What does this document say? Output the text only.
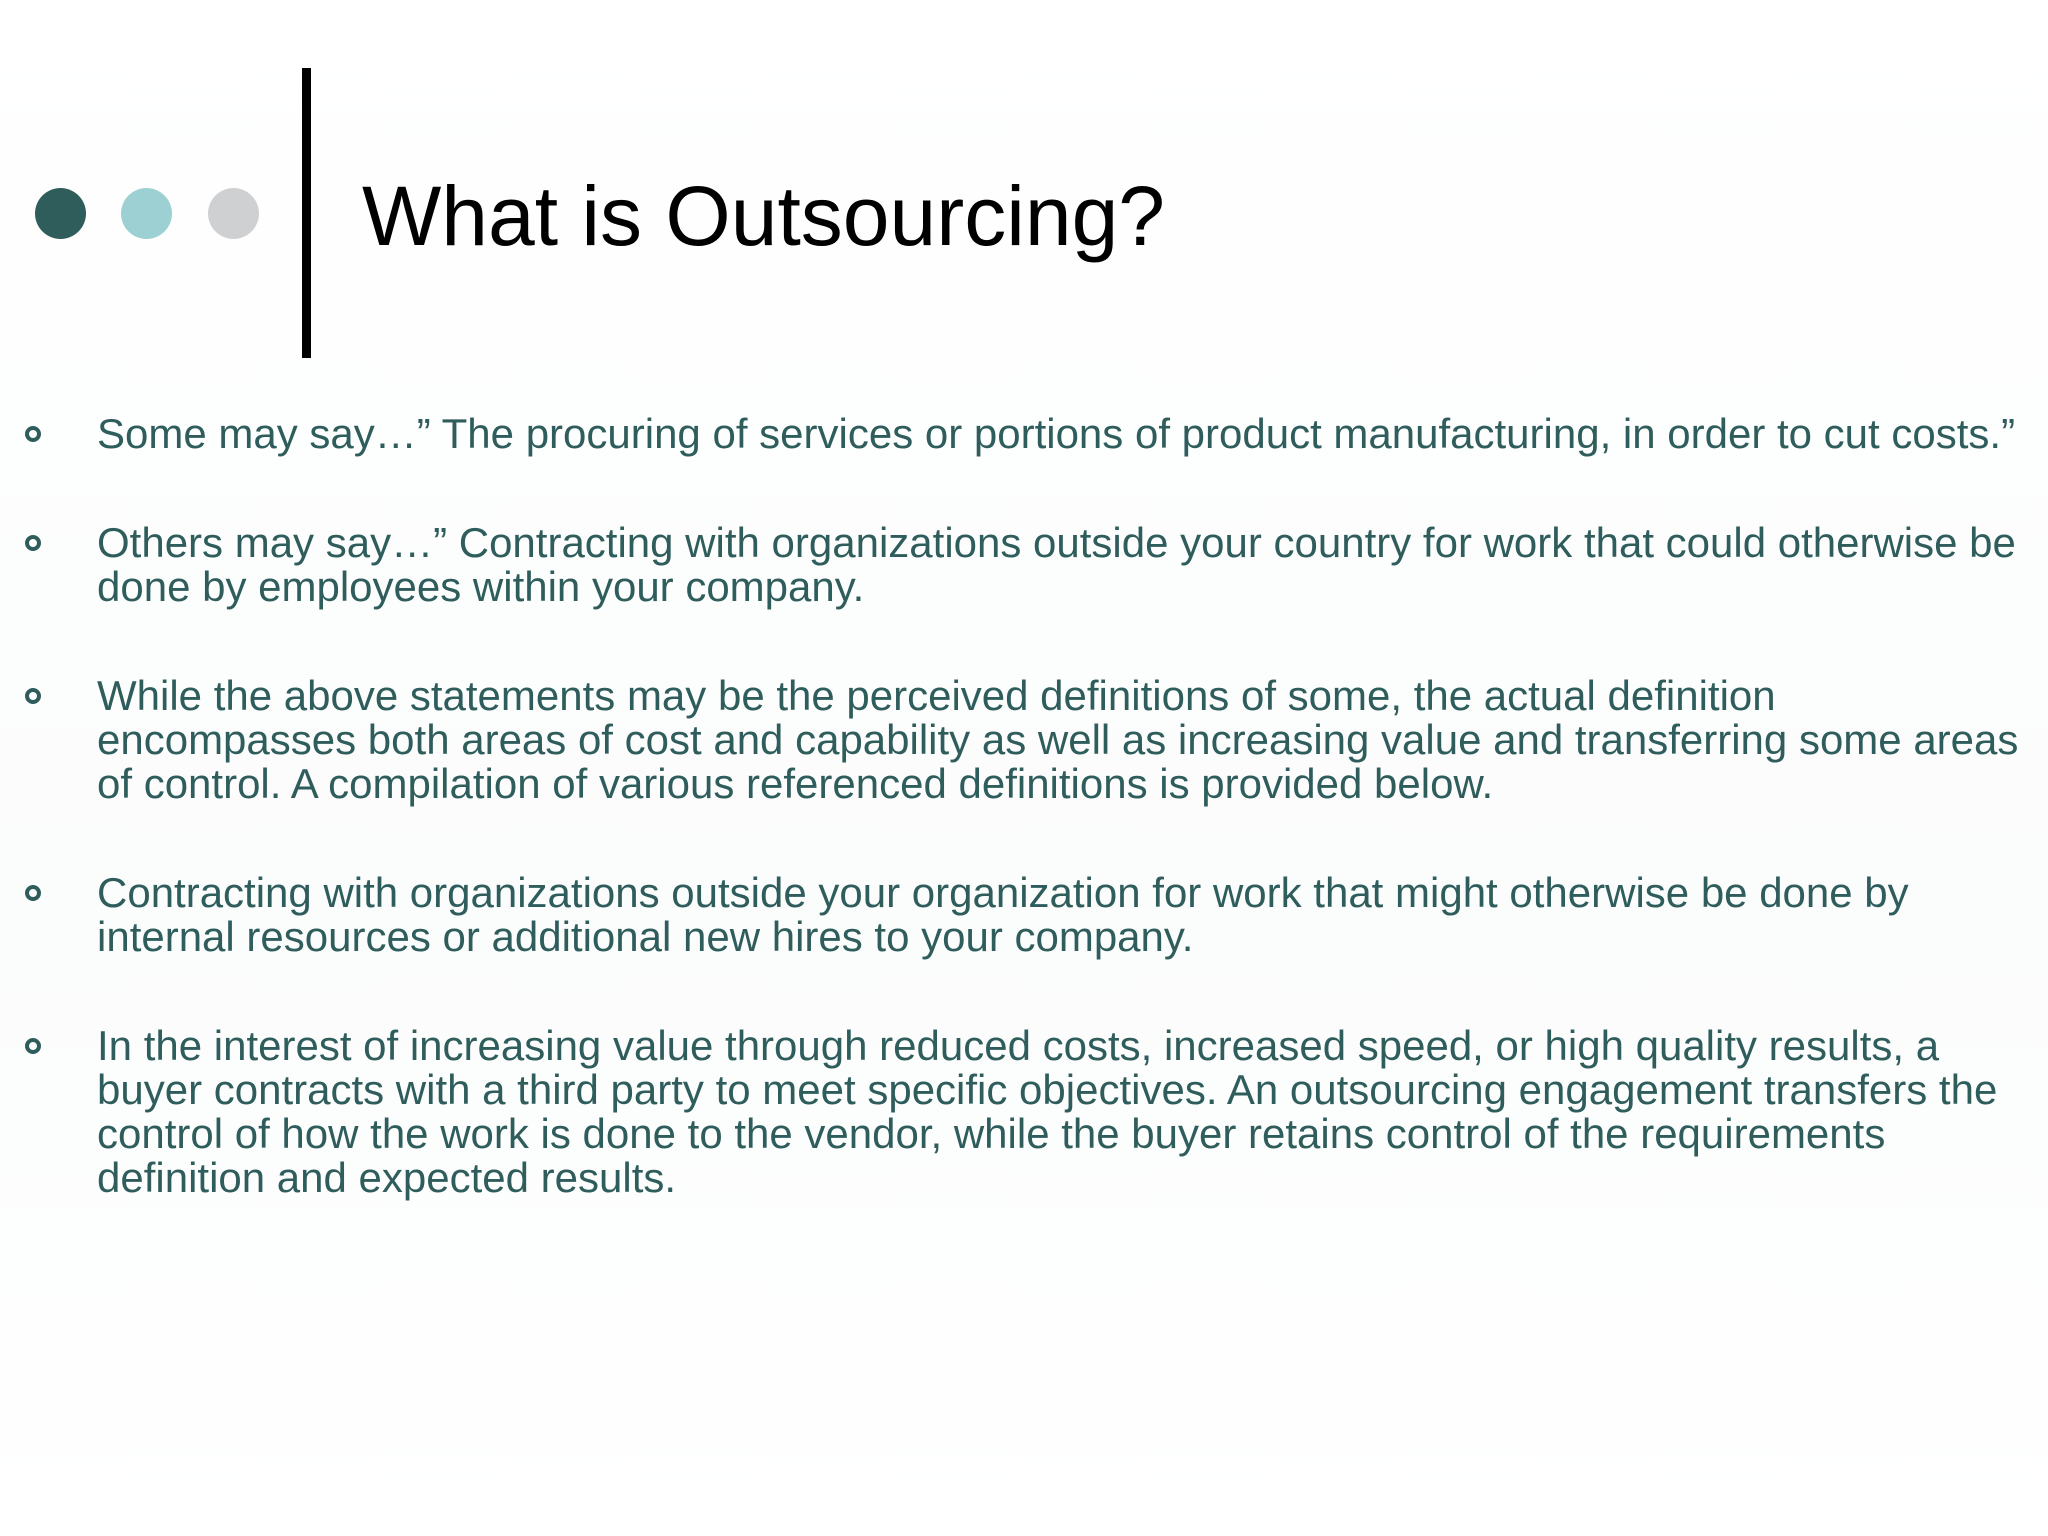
What is Outsourcing?
Some may say…” The procuring of services or portions of product manufacturing, in order to cut costs.”
Others may say…” Contracting with organizations outside your country for work that could otherwise be done by employees within your company.
While the above statements may be the perceived definitions of some, the actual definition encompasses both areas of cost and capability as well as increasing value and transferring some areas of control. A compilation of various referenced definitions is provided below.
Contracting with organizations outside your organization for work that might otherwise be done by internal resources or additional new hires to your company.
In the interest of increasing value through reduced costs, increased speed, or high quality results, a buyer contracts with a third party to meet specific objectives. An outsourcing engagement transfers the control of how the work is done to the vendor, while the buyer retains control of the requirements definition and expected results.
